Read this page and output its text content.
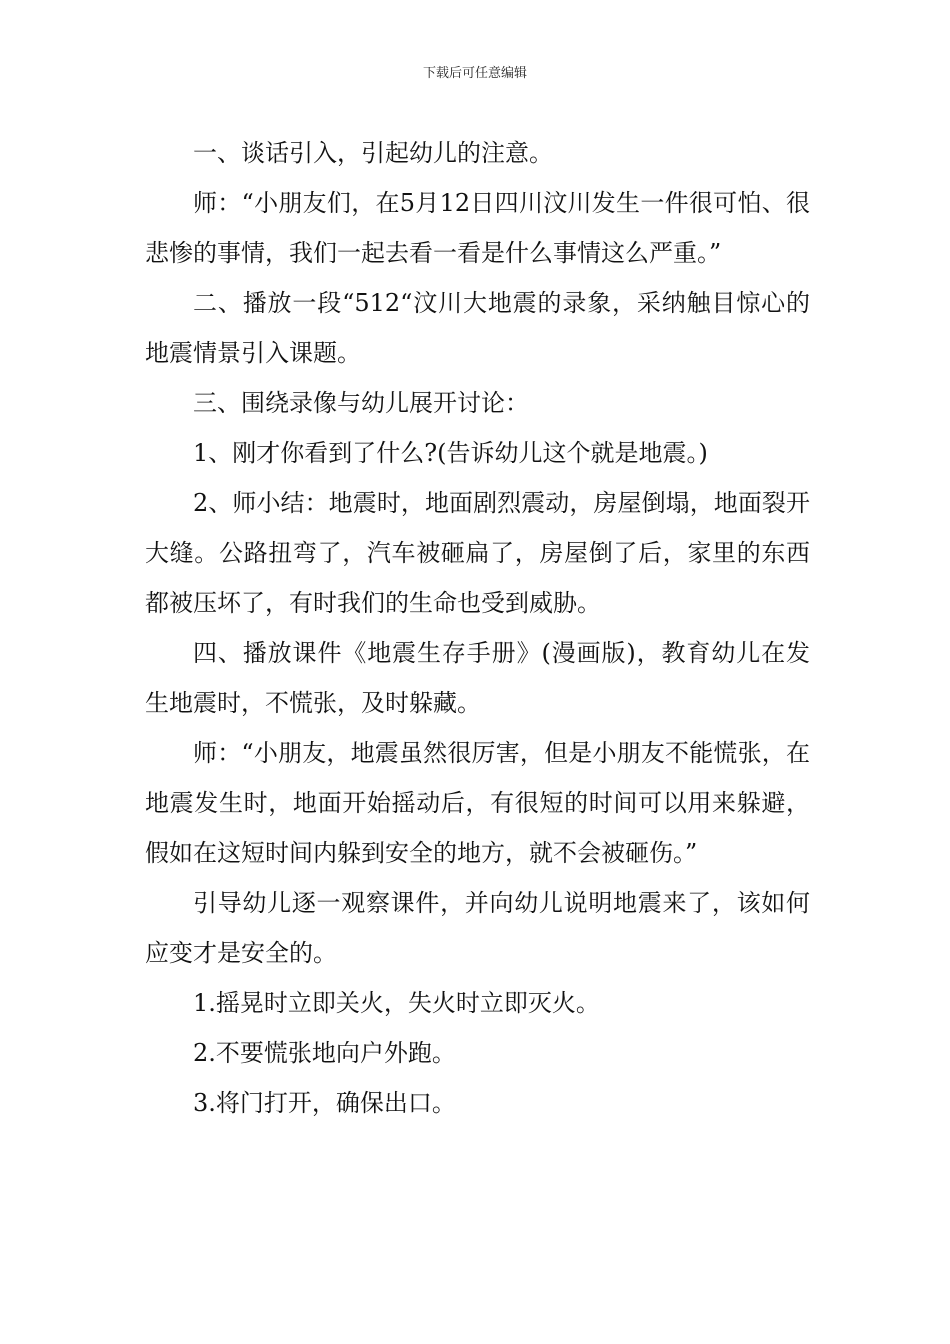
下载后可任意编辑

一、谈话引入，引起幼儿的注意。

师：“小朋友们，在5月12日四川汶川发生一件很可怕、很悲惨的事情，我们一起去看一看是什么事情这么严重。”

二、播放一段“512“汶川大地震的录象，采纳触目惊心的地震情景引入课题。

三、围绕录像与幼儿展开讨论：

1、刚才你看到了什么?(告诉幼儿这个就是地震。)

2、师小结：地震时，地面剧烈震动，房屋倒塌，地面裂开大缝。公路扭弯了，汽车被砸扁了，房屋倒了后，家里的东西都被压坏了，有时我们的生命也受到威胁。

四、播放课件《地震生存手册》(漫画版)，教育幼儿在发生地震时，不慌张，及时躲藏。

师：“小朋友，地震虽然很厉害，但是小朋友不能慌张，在地震发生时，地面开始摇动后，有很短的时间可以用来躲避，假如在这短时间内躲到安全的地方，就不会被砸伤。”

引导幼儿逐一观察课件，并向幼儿说明地震来了，该如何应变才是安全的。

1.摇晃时立即关火，失火时立即灭火。

2.不要慌张地向户外跑。

3.将门打开，确保出口。
